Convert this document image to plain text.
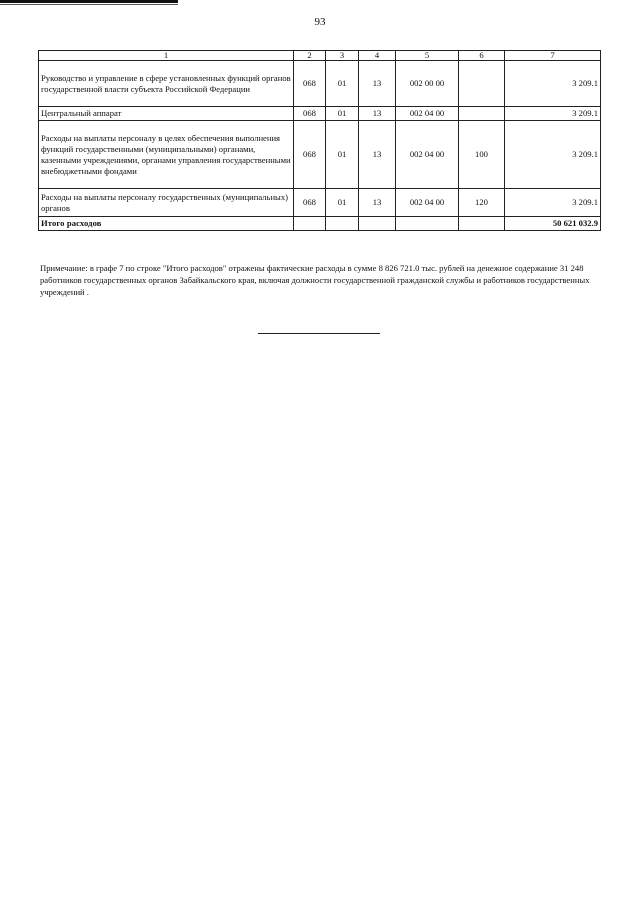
93
1	2	3	4	5	6	7
Руководство и управление в сфере установленных функций органов государственной власти субъекта Российской Федерации	068	01	13	002 00 00		3 209.1
Центральный аппарат	068	01	13	002 04 00		3 209.1
Расходы на выплаты персоналу в целях обеспечения выполнения функций государственными (муниципальными) органами, казенными учреждениями, органами управления государственными внебюджетными фондами	068	01	13	002 04 00	100	3 209.1
Расходы на выплаты персоналу государственных (муниципальных) органов	068	01	13	002 04 00	120	3 209.1
Итого расходов						50 621 032.9
Примечание: в графе 7 по строке "Итого расходов" отражены фактические расходы в сумме 8 826 721.0 тыс. рублей на денежное содержание 31 248 работников государственных органов Забайкальского края, включая должности государственной гражданской службы и работников государственных учреждений .
